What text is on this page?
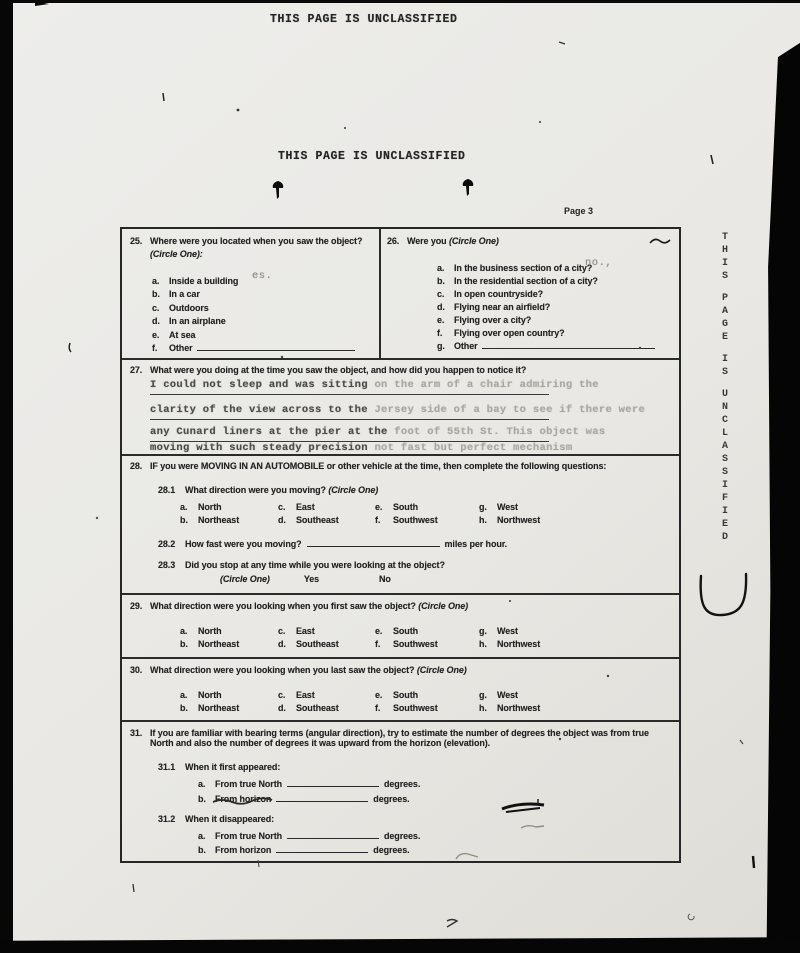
THIS PAGE IS UNCLASSIFIED
THIS PAGE IS UNCLASSIFIED
Page 3
T
H
I
S
P
A
G
E
I
S
U
N
C
L
A
S
S
I
F
I
E
D
25. Where were you located when you saw the object?
(Circle One):
a. Inside a building
b. In a car
c. Outdoors
d. In an airplane
e. At sea
f. Other
26. Were you (Circle One)
a. In the business section of a city?
b. In the residential section of a city?
c. In open countryside?
d. Flying near an airfield?
e. Flying over a city?
f. Flying over open country?
g. Other
27. What were you doing at the time you saw the object, and how did you happen to notice it?
I could not sleep and was sitting on the arm of a chair admiring the
clarity of the view across to the Jersey side of a bay to see if there were
any Cunard liners at the pier at the foot of 55th St. This object was
moving with such steady precision not fast but perfect mechanism
28. IF you were MOVING IN AN AUTOMOBILE or other vehicle at the time, then complete the following questions:
28.1 What direction were you moving? (Circle One)
a. North	c. East	e. South	g. West
b. Northeast	d. Southeast	f. Southwest	h. Northwest
28.2 How fast were you moving?	miles per hour.
28.3 Did you stop at any time while you were looking at the object?
(Circle One)	Yes	No
29. What direction were you looking when you first saw the object? (Circle One)
a. North	c. East	e. South	g. West
b. Northeast	d. Southeast	f. Southwest	h. Northwest
30. What direction were you looking when you last saw the object? (Circle One)
a. North	c. East	e. South	g. West
b. Northeast	d. Southeast	f. Southwest	h. Northwest
31. If you are familiar with bearing terms (angular direction), try to estimate the number of degrees the object was from true North and also the number of degrees it was upward from the horizon (elevation).
31.1 When it first appeared:
a. From true North	degrees.
b. From horizon	degrees.
31.2 When it disappeared:
a. From true North	degrees.
b. From horizon	degrees.
es.
no.,
